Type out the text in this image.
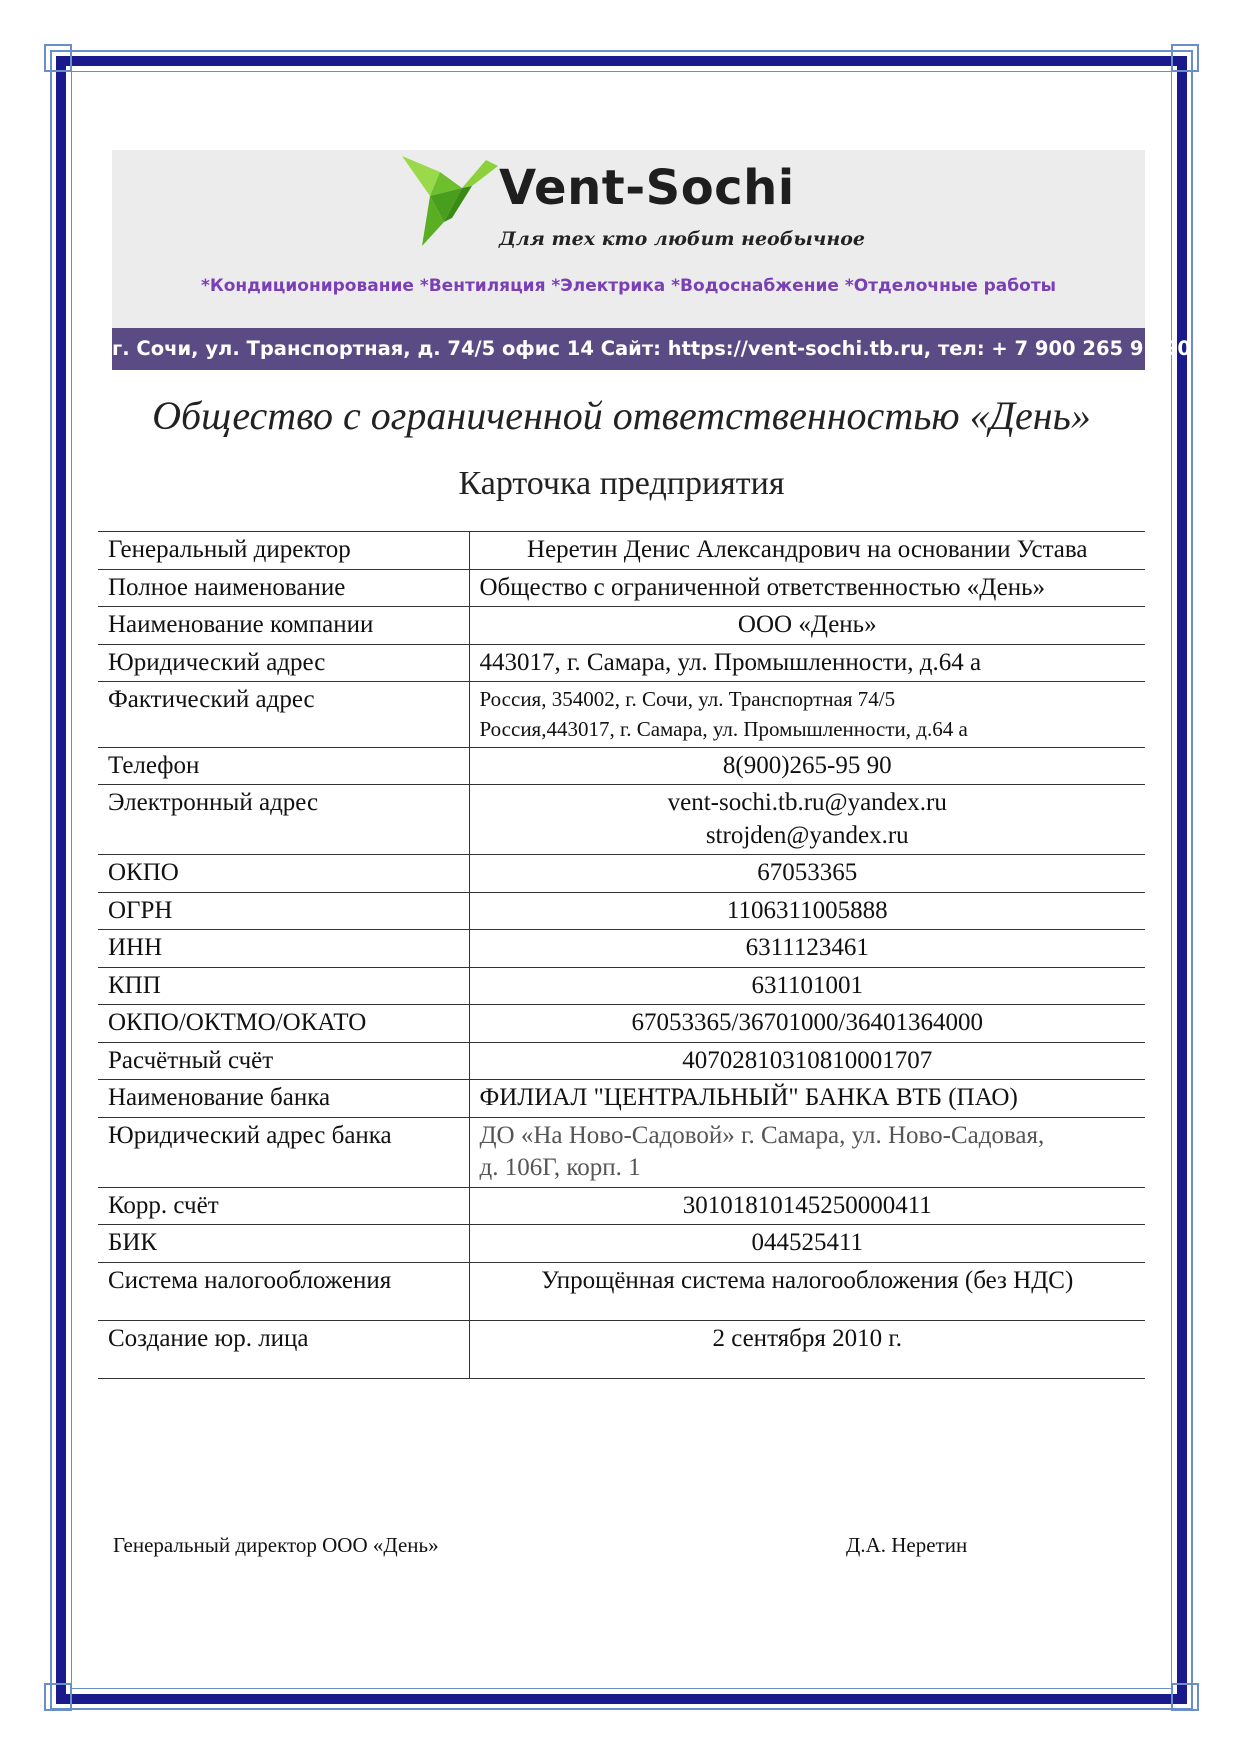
Vent-Sochi
Для тех кто любит необычное
*Кондиционирование *Вентиляция *Электрика *Водоснабжение *Отделочные работы
г. Сочи, ул. Транспортная, д. 74/5 офис 14 Сайт: https://vent-sochi.tb.ru, тел: + 7 900 265 95 90
Общество с ограниченной ответственностью «День»
Карточка предприятия
Генеральный директор	Неретин Денис Александрович на основании Устава
Полное наименование	Общество с ограниченной ответственностью «День»
Наименование компании	ООО «День»
Юридический адрес	443017, г. Самара, ул. Промышленности, д.64 а
Фактический адрес	Россия, 354002, г. Сочи, ул. Транспортная 74/5
Россия,443017, г. Самара, ул. Промышленности, д.64 а

Телефон	8(900)265-95 90
Электронный адрес	vent-sochi.tb.ru@yandex.ru
strojden@yandex.ru

ОКПО	67053365
ОГРН	1106311005888
ИНН	6311123461
КПП	631101001
ОКПО/ОКТМО/ОКАТО	67053365/36701000/36401364000
Расчётный счёт	40702810310810001707
Наименование банка	ФИЛИАЛ "ЦЕНТРАЛЬНЫЙ" БАНКА ВТБ (ПАО)
Юридический адрес банка	ДО «На Ново-Садовой» г. Самара, ул. Ново-Садовая,
д. 106Г, корп. 1

Корр. счёт	30101810145250000411
БИК	044525411
Система налогообложения	Упрощённая система налогообложения (без НДС)
Создание юр. лица	2 сентября 2010 г.
Генеральный директор ООО «День»	Д.А. Неретин
